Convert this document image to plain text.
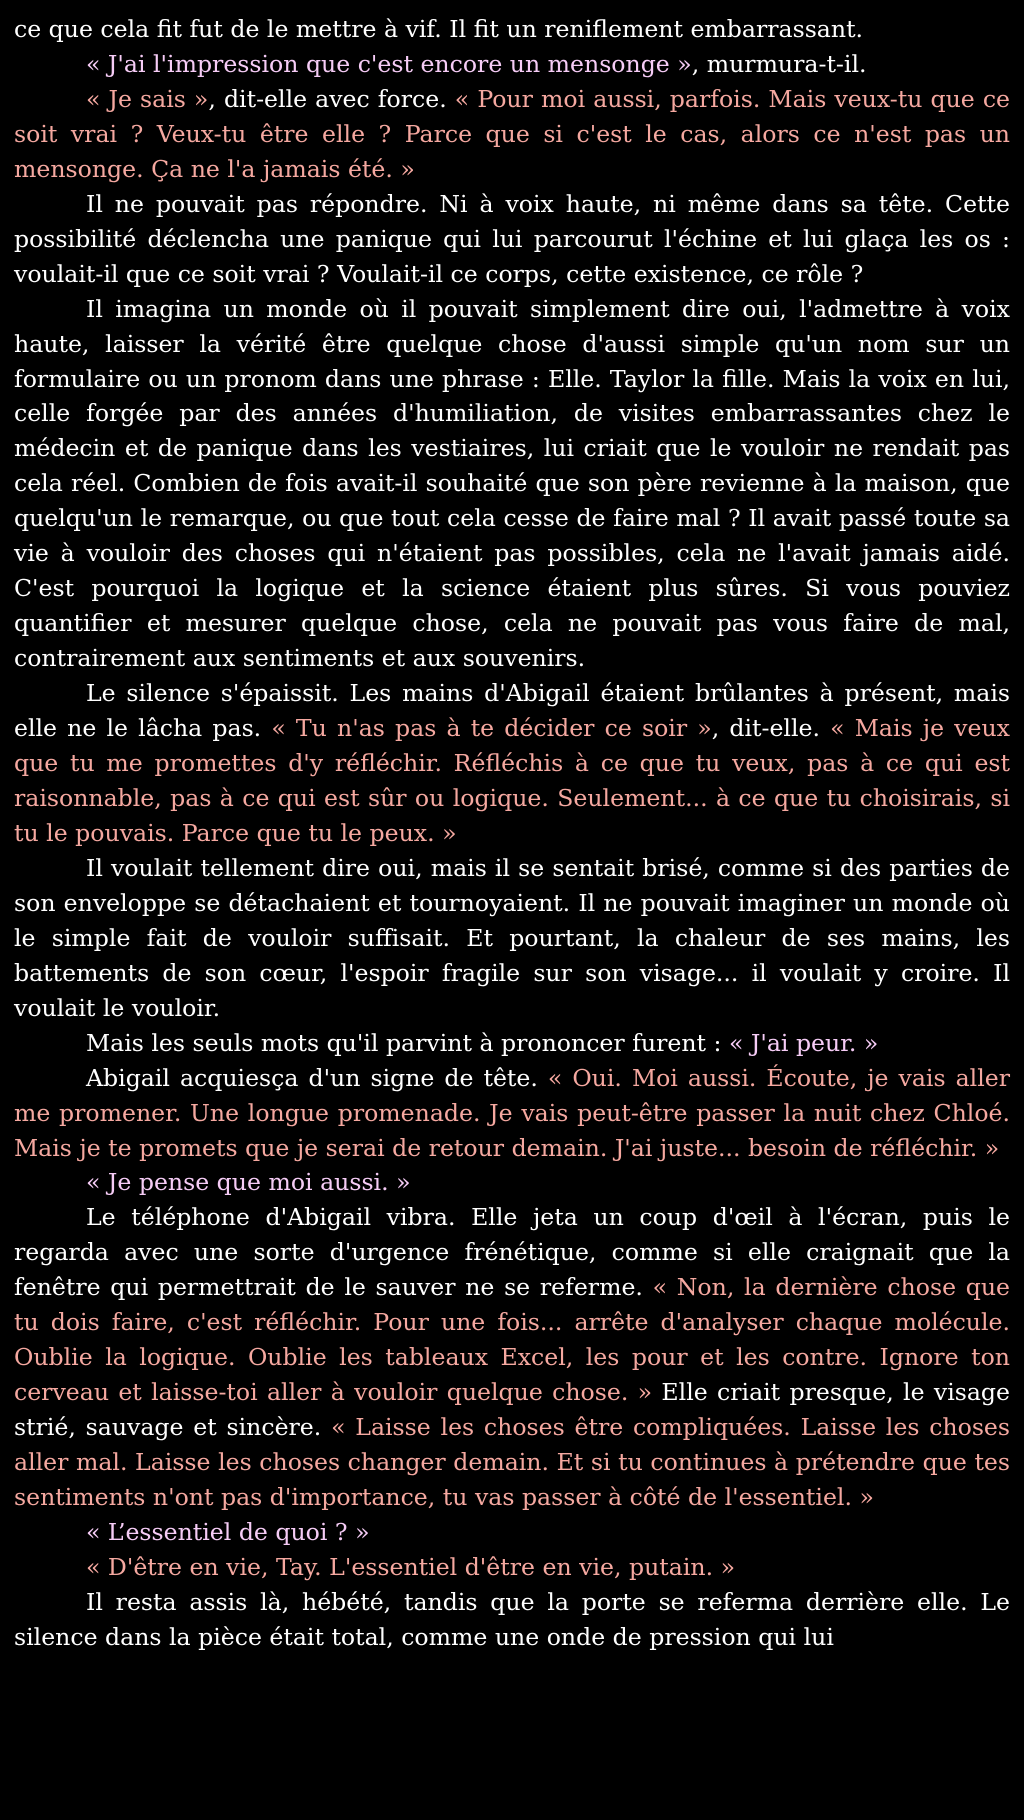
ce que cela fit fut de le mettre à vif. Il fit un reniflement embarrassant.

« J'ai l'impression que c'est encore un mensonge », murmura-t-il.

« Je sais », dit-elle avec force. « Pour moi aussi, parfois. Mais veux-tu que ce soit vrai ? Veux-tu être elle ? Parce que si c'est le cas, alors ce n'est pas un mensonge. Ça ne l'a jamais été. »

Il ne pouvait pas répondre. Ni à voix haute, ni même dans sa tête. Cette possibilité déclencha une panique qui lui parcourut l'échine et lui glaça les os : voulait-il que ce soit vrai ? Voulait-il ce corps, cette existence, ce rôle ?

Il imagina un monde où il pouvait simplement dire oui, l'admettre à voix haute, laisser la vérité être quelque chose d'aussi simple qu'un nom sur un formulaire ou un pronom dans une phrase : Elle. Taylor la fille. Mais la voix en lui, celle forgée par des années d'humiliation, de visites embarrassantes chez le médecin et de panique dans les vestiaires, lui criait que le vouloir ne rendait pas cela réel. Combien de fois avait-il souhaité que son père revienne à la maison, que quelqu'un le remarque, ou que tout cela cesse de faire mal ? Il avait passé toute sa vie à vouloir des choses qui n'étaient pas possibles, cela ne l'avait jamais aidé. C'est pourquoi la logique et la science étaient plus sûres. Si vous pouviez quantifier et mesurer quelque chose, cela ne pouvait pas vous faire de mal, contrairement aux sentiments et aux souvenirs.

Le silence s'épaissit. Les mains d'Abigail étaient brûlantes à présent, mais elle ne le lâcha pas. « Tu n'as pas à te décider ce soir », dit-elle. « Mais je veux que tu me promettes d'y réfléchir. Réfléchis à ce que tu veux, pas à ce qui est raisonnable, pas à ce qui est sûr ou logique. Seulement... à ce que tu choisirais, si tu le pouvais. Parce que tu le peux. »

Il voulait tellement dire oui, mais il se sentait brisé, comme si des parties de son enveloppe se détachaient et tournoyaient. Il ne pouvait imaginer un monde où le simple fait de vouloir suffisait. Et pourtant, la chaleur de ses mains, les battements de son cœur, l'espoir fragile sur son visage... il voulait y croire. Il voulait le vouloir.

Mais les seuls mots qu'il parvint à prononcer furent : « J'ai peur. »

Abigail acquiesça d'un signe de tête. « Oui. Moi aussi. Écoute, je vais aller me promener. Une longue promenade. Je vais peut-être passer la nuit chez Chloé. Mais je te promets que je serai de retour demain. J'ai juste... besoin de réfléchir. »

« Je pense que moi aussi. »

Le téléphone d'Abigail vibra. Elle jeta un coup d'œil à l'écran, puis le regarda avec une sorte d'urgence frénétique, comme si elle craignait que la fenêtre qui permettrait de le sauver ne se referme. « Non, la dernière chose que tu dois faire, c'est réfléchir. Pour une fois... arrête d'analyser chaque molécule. Oublie la logique. Oublie les tableaux Excel, les pour et les contre. Ignore ton cerveau et laisse-toi aller à vouloir quelque chose. » Elle criait presque, le visage strié, sauvage et sincère. « Laisse les choses être compliquées. Laisse les choses aller mal. Laisse les choses changer demain. Et si tu continues à prétendre que tes sentiments n'ont pas d'importance, tu vas passer à côté de l'essentiel. »

« L’essentiel de quoi ? »

« D'être en vie, Tay. L'essentiel d'être en vie, putain. »

Il resta assis là, hébété, tandis que la porte se referma derrière elle. Le silence dans la pièce était total, comme une onde de pression qui lui
